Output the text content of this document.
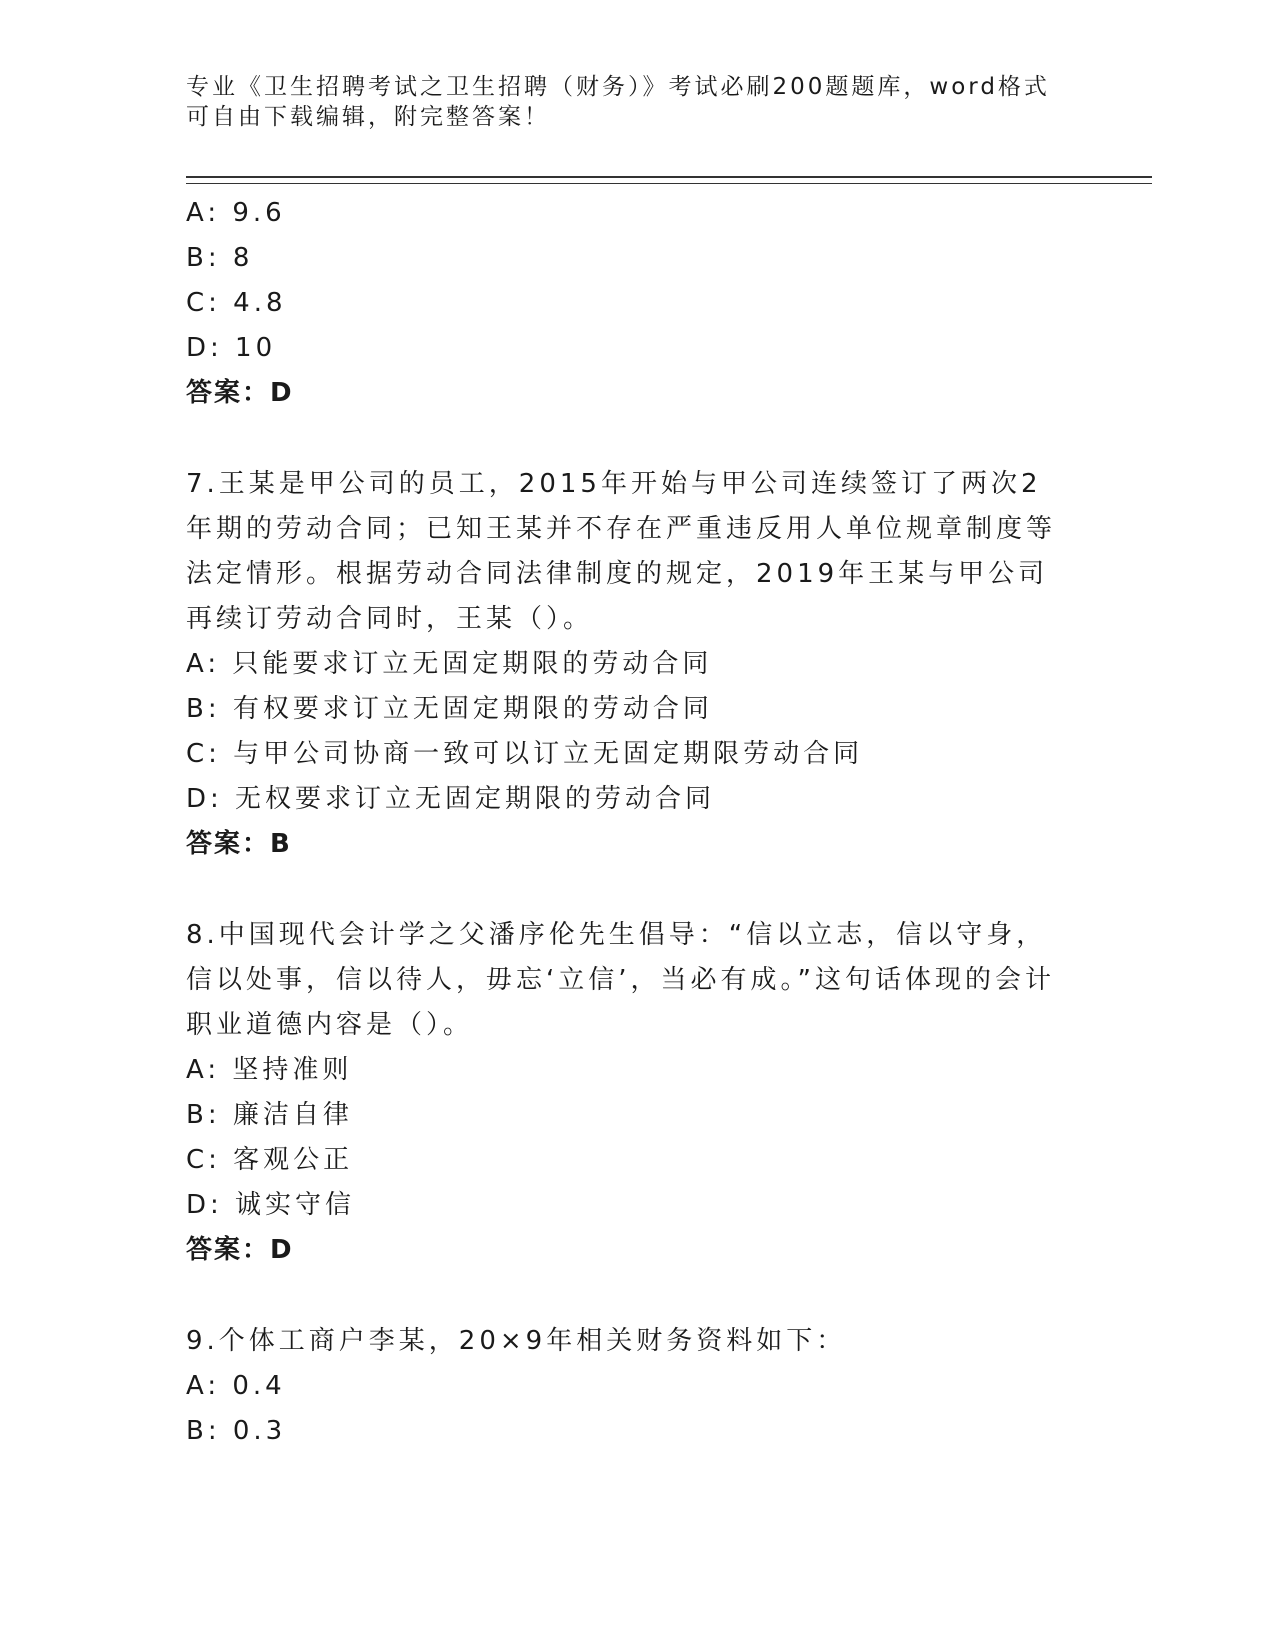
专业《卫生招聘考试之卫生招聘（财务）》考试必刷200题题库，word格式可自由下载编辑，附完整答案！
A: 9.6
B: 8
C: 4.8
D: 10
答案：D
7.王某是甲公司的员工，2015年开始与甲公司连续签订了两次2年期的劳动合同；已知王某并不存在严重违反用人单位规章制度等法定情形。根据劳动合同法律制度的规定，2019年王某与甲公司再续订劳动合同时，王某（）。
A: 只能要求订立无固定期限的劳动合同
B: 有权要求订立无固定期限的劳动合同
C: 与甲公司协商一致可以订立无固定期限劳动合同
D: 无权要求订立无固定期限的劳动合同
答案：B
8.中国现代会计学之父潘序伦先生倡导：“信以立志，信以守身，信以处事，信以待人，毋忘‘立信’，当必有成。”这句话体现的会计职业道德内容是（）。
A: 坚持准则
B: 廉洁自律
C: 客观公正
D: 诚实守信
答案：D
9.个体工商户李某，20×9年相关财务资料如下：
A: 0.4
B: 0.3
